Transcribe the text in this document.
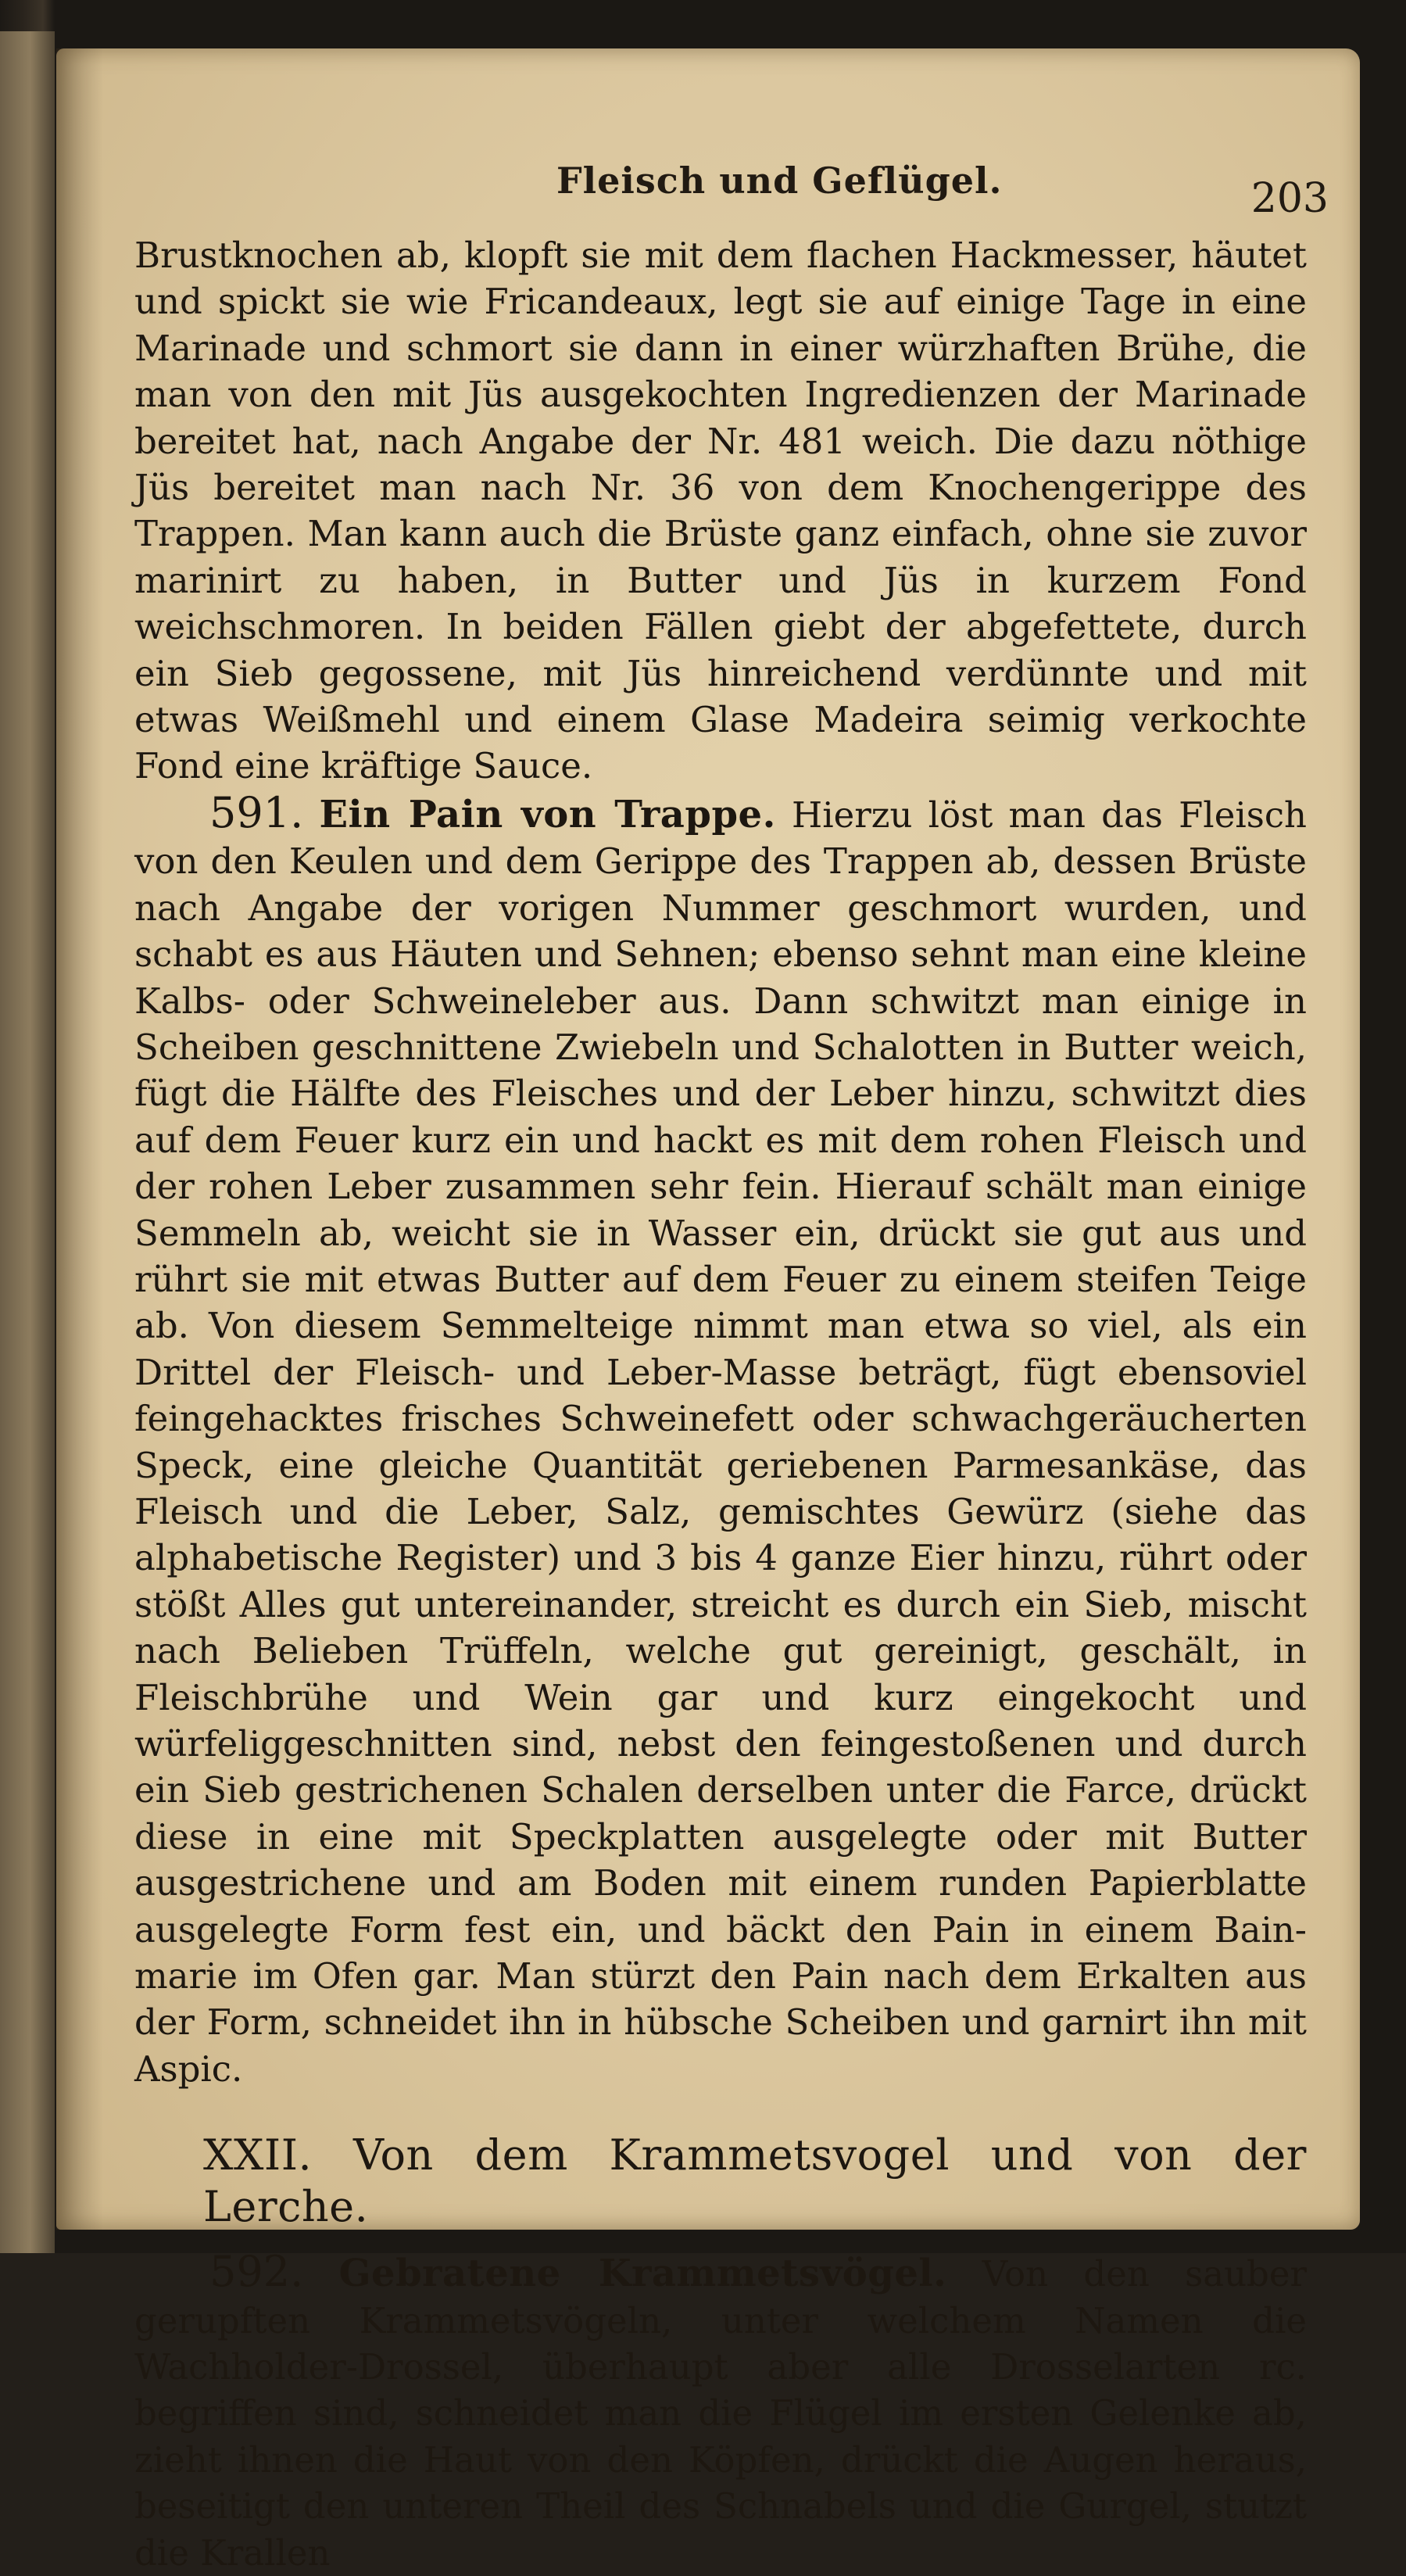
Fleisch und Geflügel.	203

Brustknochen ab, klopft sie mit dem flachen Hackmesser, häutet und spickt sie wie Fricandeaux, legt sie auf einige Tage in eine Marinade und schmort sie dann in einer würzhaften Brühe, die man von den mit Jüs ausgekochten Ingredienzen der Marinade bereitet hat, nach Angabe der Nr. 481 weich. Die dazu nöthige Jüs bereitet man nach Nr. 36 von dem Knochengerippe des Trappen. Man kann auch die Brüste ganz einfach, ohne sie zuvor marinirt zu haben, in Butter und Jüs in kurzem Fond weichschmoren. In beiden Fällen giebt der abgefettete, durch ein Sieb gegossene, mit Jüs hinreichend verdünnte und mit etwas Weißmehl und einem Glase Madeira seimig verkochte Fond eine kräftige Sauce.

591. Ein Pain von Trappe. Hierzu löst man das Fleisch von den Keulen und dem Gerippe des Trappen ab, dessen Brüste nach Angabe der vorigen Nummer geschmort wurden, und schabt es aus Häuten und Sehnen; ebenso sehnt man eine kleine Kalbs- oder Schweineleber aus. Dann schwitzt man einige in Scheiben geschnittene Zwiebeln und Schalotten in Butter weich, fügt die Hälfte des Fleisches und der Leber hinzu, schwitzt dies auf dem Feuer kurz ein und hackt es mit dem rohen Fleisch und der rohen Leber zusammen sehr fein. Hierauf schält man einige Semmeln ab, weicht sie in Wasser ein, drückt sie gut aus und rührt sie mit etwas Butter auf dem Feuer zu einem steifen Teige ab. Von diesem Semmelteige nimmt man etwa so viel, als ein Drittel der Fleisch- und Leber-Masse beträgt, fügt ebensoviel feingehacktes frisches Schweinefett oder schwachgeräucherten Speck, eine gleiche Quantität geriebenen Parmesankäse, das Fleisch und die Leber, Salz, gemischtes Gewürz (siehe das alphabetische Register) und 3 bis 4 ganze Eier hinzu, rührt oder stößt Alles gut untereinander, streicht es durch ein Sieb, mischt nach Belieben Trüffeln, welche gut gereinigt, geschält, in Fleischbrühe und Wein gar und kurz eingekocht und würfeliggeschnitten sind, nebst den feingestoßenen und durch ein Sieb gestrichenen Schalen derselben unter die Farce, drückt diese in eine mit Speckplatten ausgelegte oder mit Butter ausgestrichene und am Boden mit einem runden Papierblatte ausgelegte Form fest ein, und bäckt den Pain in einem Bain-marie im Ofen gar. Man stürzt den Pain nach dem Erkalten aus der Form, schneidet ihn in hübsche Scheiben und garnirt ihn mit Aspic.

XXII. Von dem Krammetsvogel und von der Lerche.

592. Gebratene Krammetsvögel. Von den sauber gerupften Krammetsvögeln, unter welchem Namen die Wachholder-Drossel, überhaupt aber alle Drosselarten rc. begriffen sind, schneidet man die Flügel im ersten Gelenke ab, zieht ihnen die Haut von den Köpfen, drückt die Augen heraus, beseitigt den unteren Theil des Schnabels und die Gurgel, stutzt die Krallen
